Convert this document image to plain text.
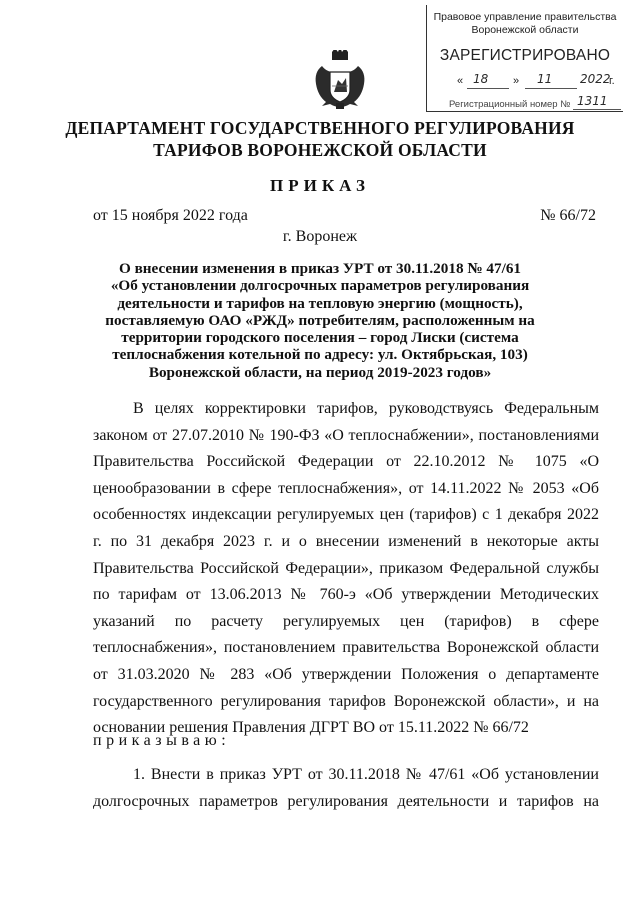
Правовое управление правительства
Воронежской области
ЗАРЕГИСТРИРОВАНО
« 18 » 11 2022
г.
Регистрационный номер № 1311
ДЕПАРТАМЕНТ ГОСУДАРСТВЕННОГО РЕГУЛИРОВАНИЯ
ТАРИФОВ ВОРОНЕЖСКОЙ ОБЛАСТИ
ПРИКАЗ
от 15 ноября 2022 года	№ 66/72
г. Воронеж

О внесении изменения в приказ УРТ от 30.11.2018 № 47/61
«Об установлении долгосрочных параметров регулирования
деятельности и тарифов на тепловую энергию (мощность),
поставляемую ОАО «РЖД» потребителям, расположенным на
территории городского поселения – город Лиски (система
теплоснабжения котельной по адресу: ул. Октябрьская, 103)
Воронежской области, на период 2019-2023 годов»

В целях корректировки тарифов, руководствуясь Федеральным законом от 27.07.2010 № 190-ФЗ «О теплоснабжении», постановлениями Правительства Российской Федерации от 22.10.2012 № 1075 «О ценообразовании в сфере теплоснабжения», от 14.11.2022 № 2053 «Об особенностях индексации регулируемых цен (тарифов) с 1 декабря 2022 г. по 31 декабря 2023 г. и о внесении изменений в некоторые акты Правительства Российской Федерации», приказом Федеральной службы по тарифам от 13.06.2013 № 760-э «Об утверждении Методических указаний по расчету регулируемых цен (тарифов) в сфере теплоснабжения», постановлением правительства Воронежской области от 31.03.2020 № 283 «Об утверждении Положения о департаменте государственного регулирования тарифов Воронежской области», и на основании решения Правления ДГРТ ВО от 15.11.2022 № 66/72

приказываю:

1. Внести в приказ УРТ от 30.11.2018 № 47/61 «Об установлении
долгосрочных параметров регулирования деятельности и тарифов на
